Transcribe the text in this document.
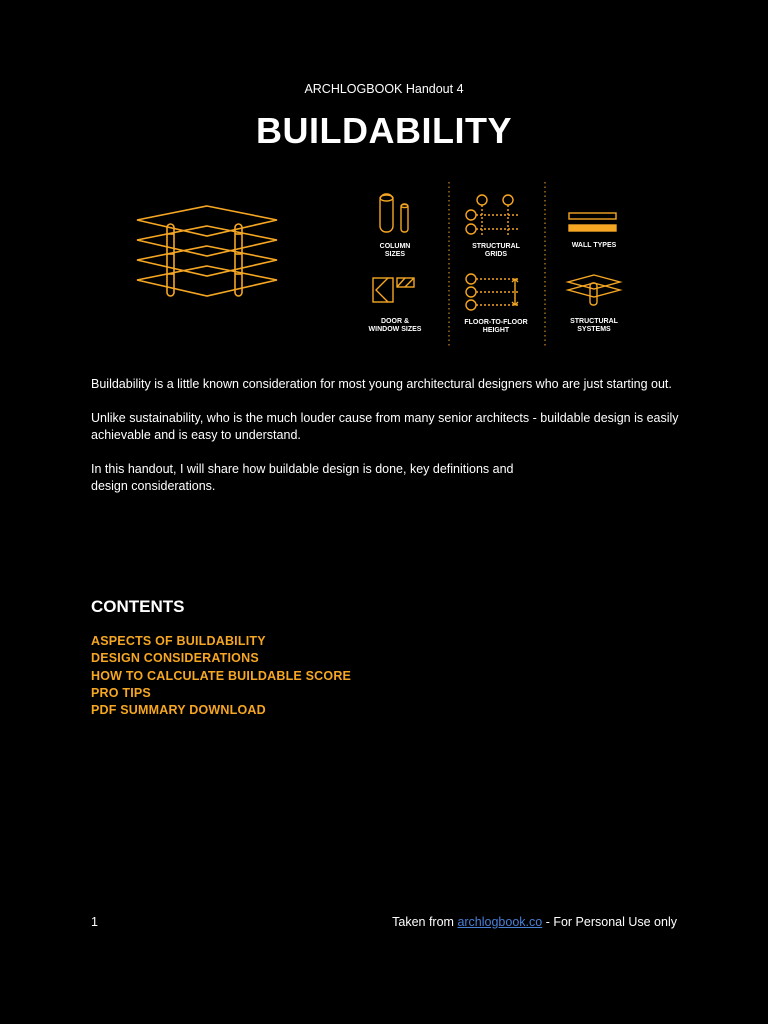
ARCHLOGBOOK Handout 4
BUILDABILITY
COLUMN
SIZES
STRUCTURAL
GRIDS
WALL TYPES
DOOR &
WINDOW SIZES
FLOOR-TO-FLOOR
HEIGHT
STRUCTURAL
SYSTEMS

Buildability is a little known consideration for most young architectural designers who are just starting out.

Unlike sustainability, who is the much louder cause from many senior architects - buildable design is easily achievable and is easy to understand.

In this handout, I will share how buildable design is done, key definitions and
design considerations.

CONTENTS
ASPECTS OF BUILDABILITY
DESIGN CONSIDERATIONS
HOW TO CALCULATE BUILDABLE SCORE
PRO TIPS
PDF SUMMARY DOWNLOAD
1	Taken from archlogbook.co - For Personal Use only
